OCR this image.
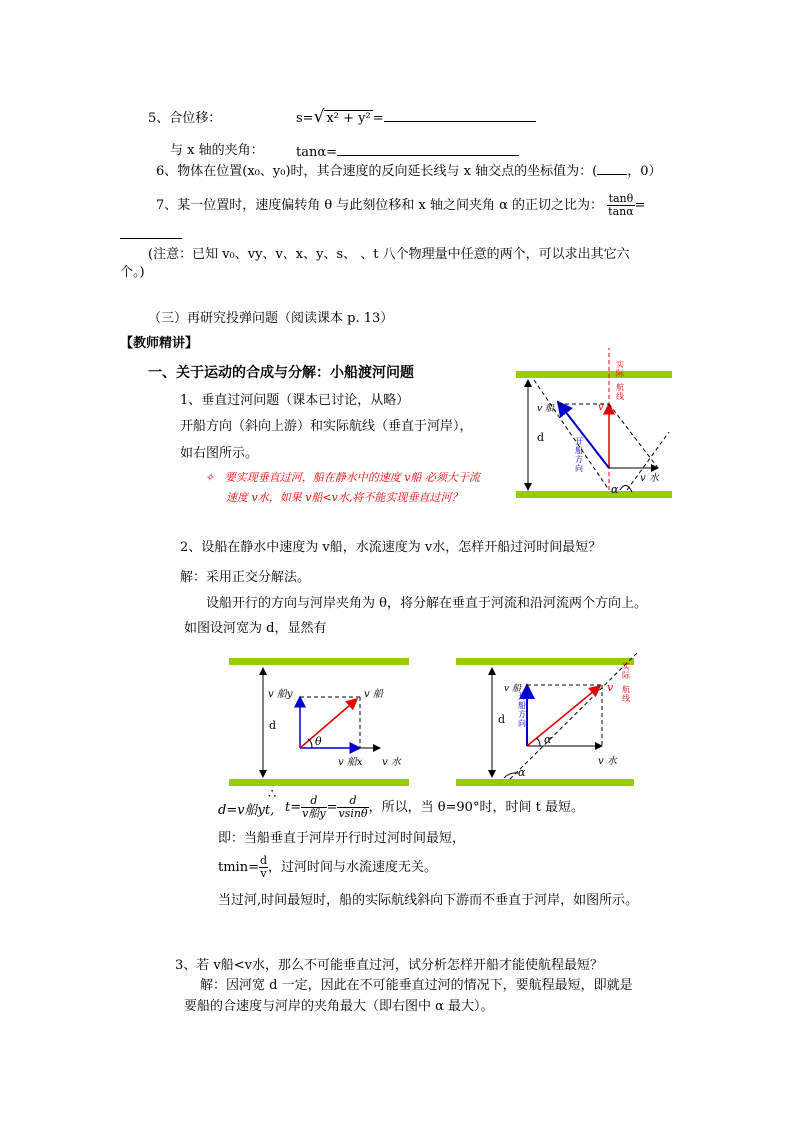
5、合位移：	s=√ x² + y² =
与 x 轴的夹角： tanα=
6、物体在位置(x₀、y₀)时，其合速度的反向延长线与 x 轴交点的坐标值为：( ，0）
7、某一位置时，速度偏转角 θ 与此刻位移和 x 轴之间夹角 α 的正切之比为： $\frac{\tan\theta}{\tan\alpha}$ =
(注意：已知 v₀、vy、v、x、y、s、 、t 八个物理量中任意的两个，可以求出其它六
个。)
（三）再研究投弹问题（阅读课本 p. 13）
【教师精讲】
一、关于运动的合成与分解：小船渡河问题
1、垂直过河问题（课本已讨论，从略）
开船方向（斜向上游）和实际航线（垂直于河岸），
如右图所示。
✧ 要实现垂直过河，船在静水中的速度 v船 必须大于流
速度 v水，如果 v船<v水,将不能实现垂直过河？
实
际
航
线
v 船	v
d	开
船
方
向
v 水
α
2、设船在静水中速度为 v船，水流速度为 v水，怎样开船过河时间最短？
解：采用正交分解法。
设船开行的方向与河岸夹角为 θ，将分解在垂直于河流和沿河流两个方向上。
如图设河宽为 d，显然有
v 船y	v 船
d
θ
v 船x v 水
实
际
航
线
v 船
开
船
方
向
v
d
α
v 水
α
d=v船yt,
∴
$t= \frac{d}{\text{v船y}} = \frac{d}{vsin\theta}$ ，所以，当 θ=90°时，时间 t 最短。
即：当船垂直于河岸开行时过河时间最短，
$tmin= \frac{d}{v}$ ，过河时间与水流速度无关。
当过河,时间最短时，船的实际航线斜向下游而不垂直于河岸，如图所示。
3、若 v船<v水，那么不可能垂直过河，试分析怎样开船才能使航程最短？
解：因河宽 d 一定，因此在不可能垂直过河的情况下，要航程最短，即就是
要船的合速度与河岸的夹角最大（即右图中 α 最大）。
